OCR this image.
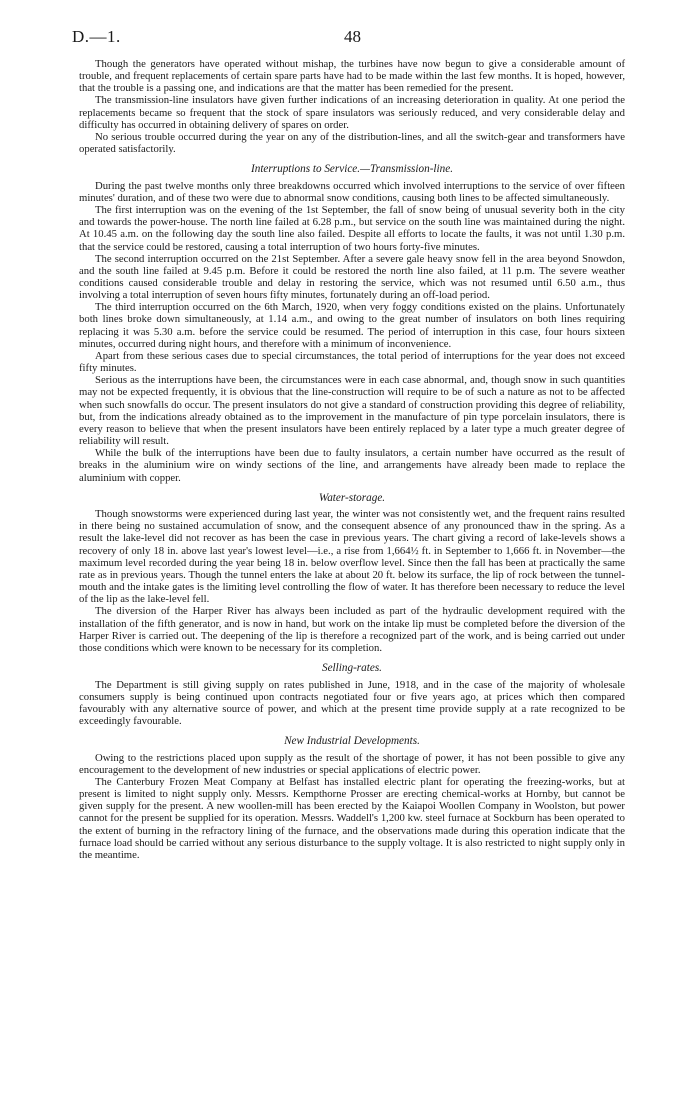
D.—1.	48

Though the generators have operated without mishap, the turbines have now begun to give a considerable amount of trouble, and frequent replacements of certain spare parts have had to be made within the last few months. It is hoped, however, that the trouble is a passing one, and indications are that the matter has been remedied for the present.

The transmission-line insulators have given further indications of an increasing deterioration in quality. At one period the replacements became so frequent that the stock of spare insulators was seriously reduced, and very considerable delay and difficulty has occurred in obtaining delivery of spares on order.

No serious trouble occurred during the year on any of the distribution-lines, and all the switch-gear and transformers have operated satisfactorily.

Interruptions to Service.—Transmission-line.

During the past twelve months only three breakdowns occurred which involved interruptions to the service of over fifteen minutes' duration, and of these two were due to abnormal snow conditions, causing both lines to be affected simultaneously.

The first interruption was on the evening of the 1st September, the fall of snow being of unusual severity both in the city and towards the power-house. The north line failed at 6.28 p.m., but service on the south line was maintained during the night. At 10.45 a.m. on the following day the south line also failed. Despite all efforts to locate the faults, it was not until 1.30 p.m. that the service could be restored, causing a total interruption of two hours forty-five minutes.

The second interruption occurred on the 21st September. After a severe gale heavy snow fell in the area beyond Snowdon, and the south line failed at 9.45 p.m. Before it could be restored the north line also failed, at 11 p.m. The severe weather conditions caused considerable trouble and delay in restoring the service, which was not resumed until 6.50 a.m., thus involving a total interruption of seven hours fifty minutes, fortunately during an off-load period.

The third interruption occurred on the 6th March, 1920, when very foggy conditions existed on the plains. Unfortunately both lines broke down simultaneously, at 1.14 a.m., and owing to the great number of insulators on both lines requiring replacing it was 5.30 a.m. before the service could be resumed. The period of interruption in this case, four hours sixteen minutes, occurred during night hours, and therefore with a minimum of inconvenience.

Apart from these serious cases due to special circumstances, the total period of interruptions for the year does not exceed fifty minutes.

Serious as the interruptions have been, the circumstances were in each case abnormal, and, though snow in such quantities may not be expected frequently, it is obvious that the line-construction will require to be of such a nature as not to be affected when such snowfalls do occur. The present insulators do not give a standard of construction providing this degree of reliability, but, from the indications already obtained as to the improvement in the manufacture of pin type porcelain insulators, there is every reason to believe that when the present insulators have been entirely replaced by a later type a much greater degree of reliability will result.

While the bulk of the interruptions have been due to faulty insulators, a certain number have occurred as the result of breaks in the aluminium wire on windy sections of the line, and arrangements have already been made to replace the aluminium with copper.

Water-storage.

Though snowstorms were experienced during last year, the winter was not consistently wet, and the frequent rains resulted in there being no sustained accumulation of snow, and the consequent absence of any pronounced thaw in the spring. As a result the lake-level did not recover as has been the case in previous years. The chart giving a record of lake-levels shows a recovery of only 18 in. above last year's lowest level—i.e., a rise from 1,664½ ft. in September to 1,666 ft. in November—the maximum level recorded during the year being 18 in. below overflow level. Since then the fall has been at practically the same rate as in previous years. Though the tunnel enters the lake at about 20 ft. below its surface, the lip of rock between the tunnel-mouth and the intake gates is the limiting level controlling the flow of water. It has therefore been necessary to reduce the level of the lip as the lake-level fell.

The diversion of the Harper River has always been included as part of the hydraulic development required with the installation of the fifth generator, and is now in hand, but work on the intake lip must be completed before the diversion of the Harper River is carried out. The deepening of the lip is therefore a recognized part of the work, and is being carried out under those conditions which were known to be necessary for its completion.

Selling-rates.

The Department is still giving supply on rates published in June, 1918, and in the case of the majority of wholesale consumers supply is being continued upon contracts negotiated four or five years ago, at prices which then compared favourably with any alternative source of power, and which at the present time provide supply at a rate recognized to be exceedingly favourable.

New Industrial Developments.

Owing to the restrictions placed upon supply as the result of the shortage of power, it has not been possible to give any encouragement to the development of new industries or special applications of electric power.

The Canterbury Frozen Meat Company at Belfast has installed electric plant for operating the freezing-works, but at present is limited to night supply only. Messrs. Kempthorne Prosser are erecting chemical-works at Hornby, but cannot be given supply for the present. A new woollen-mill has been erected by the Kaiapoi Woollen Company in Woolston, but power cannot for the present be supplied for its operation. Messrs. Waddell's 1,200 kw. steel furnace at Sockburn has been operated to the extent of burning in the refractory lining of the furnace, and the observations made during this operation indicate that the furnace load should be carried without any serious disturbance to the supply voltage. It is also restricted to night supply only in the meantime.
